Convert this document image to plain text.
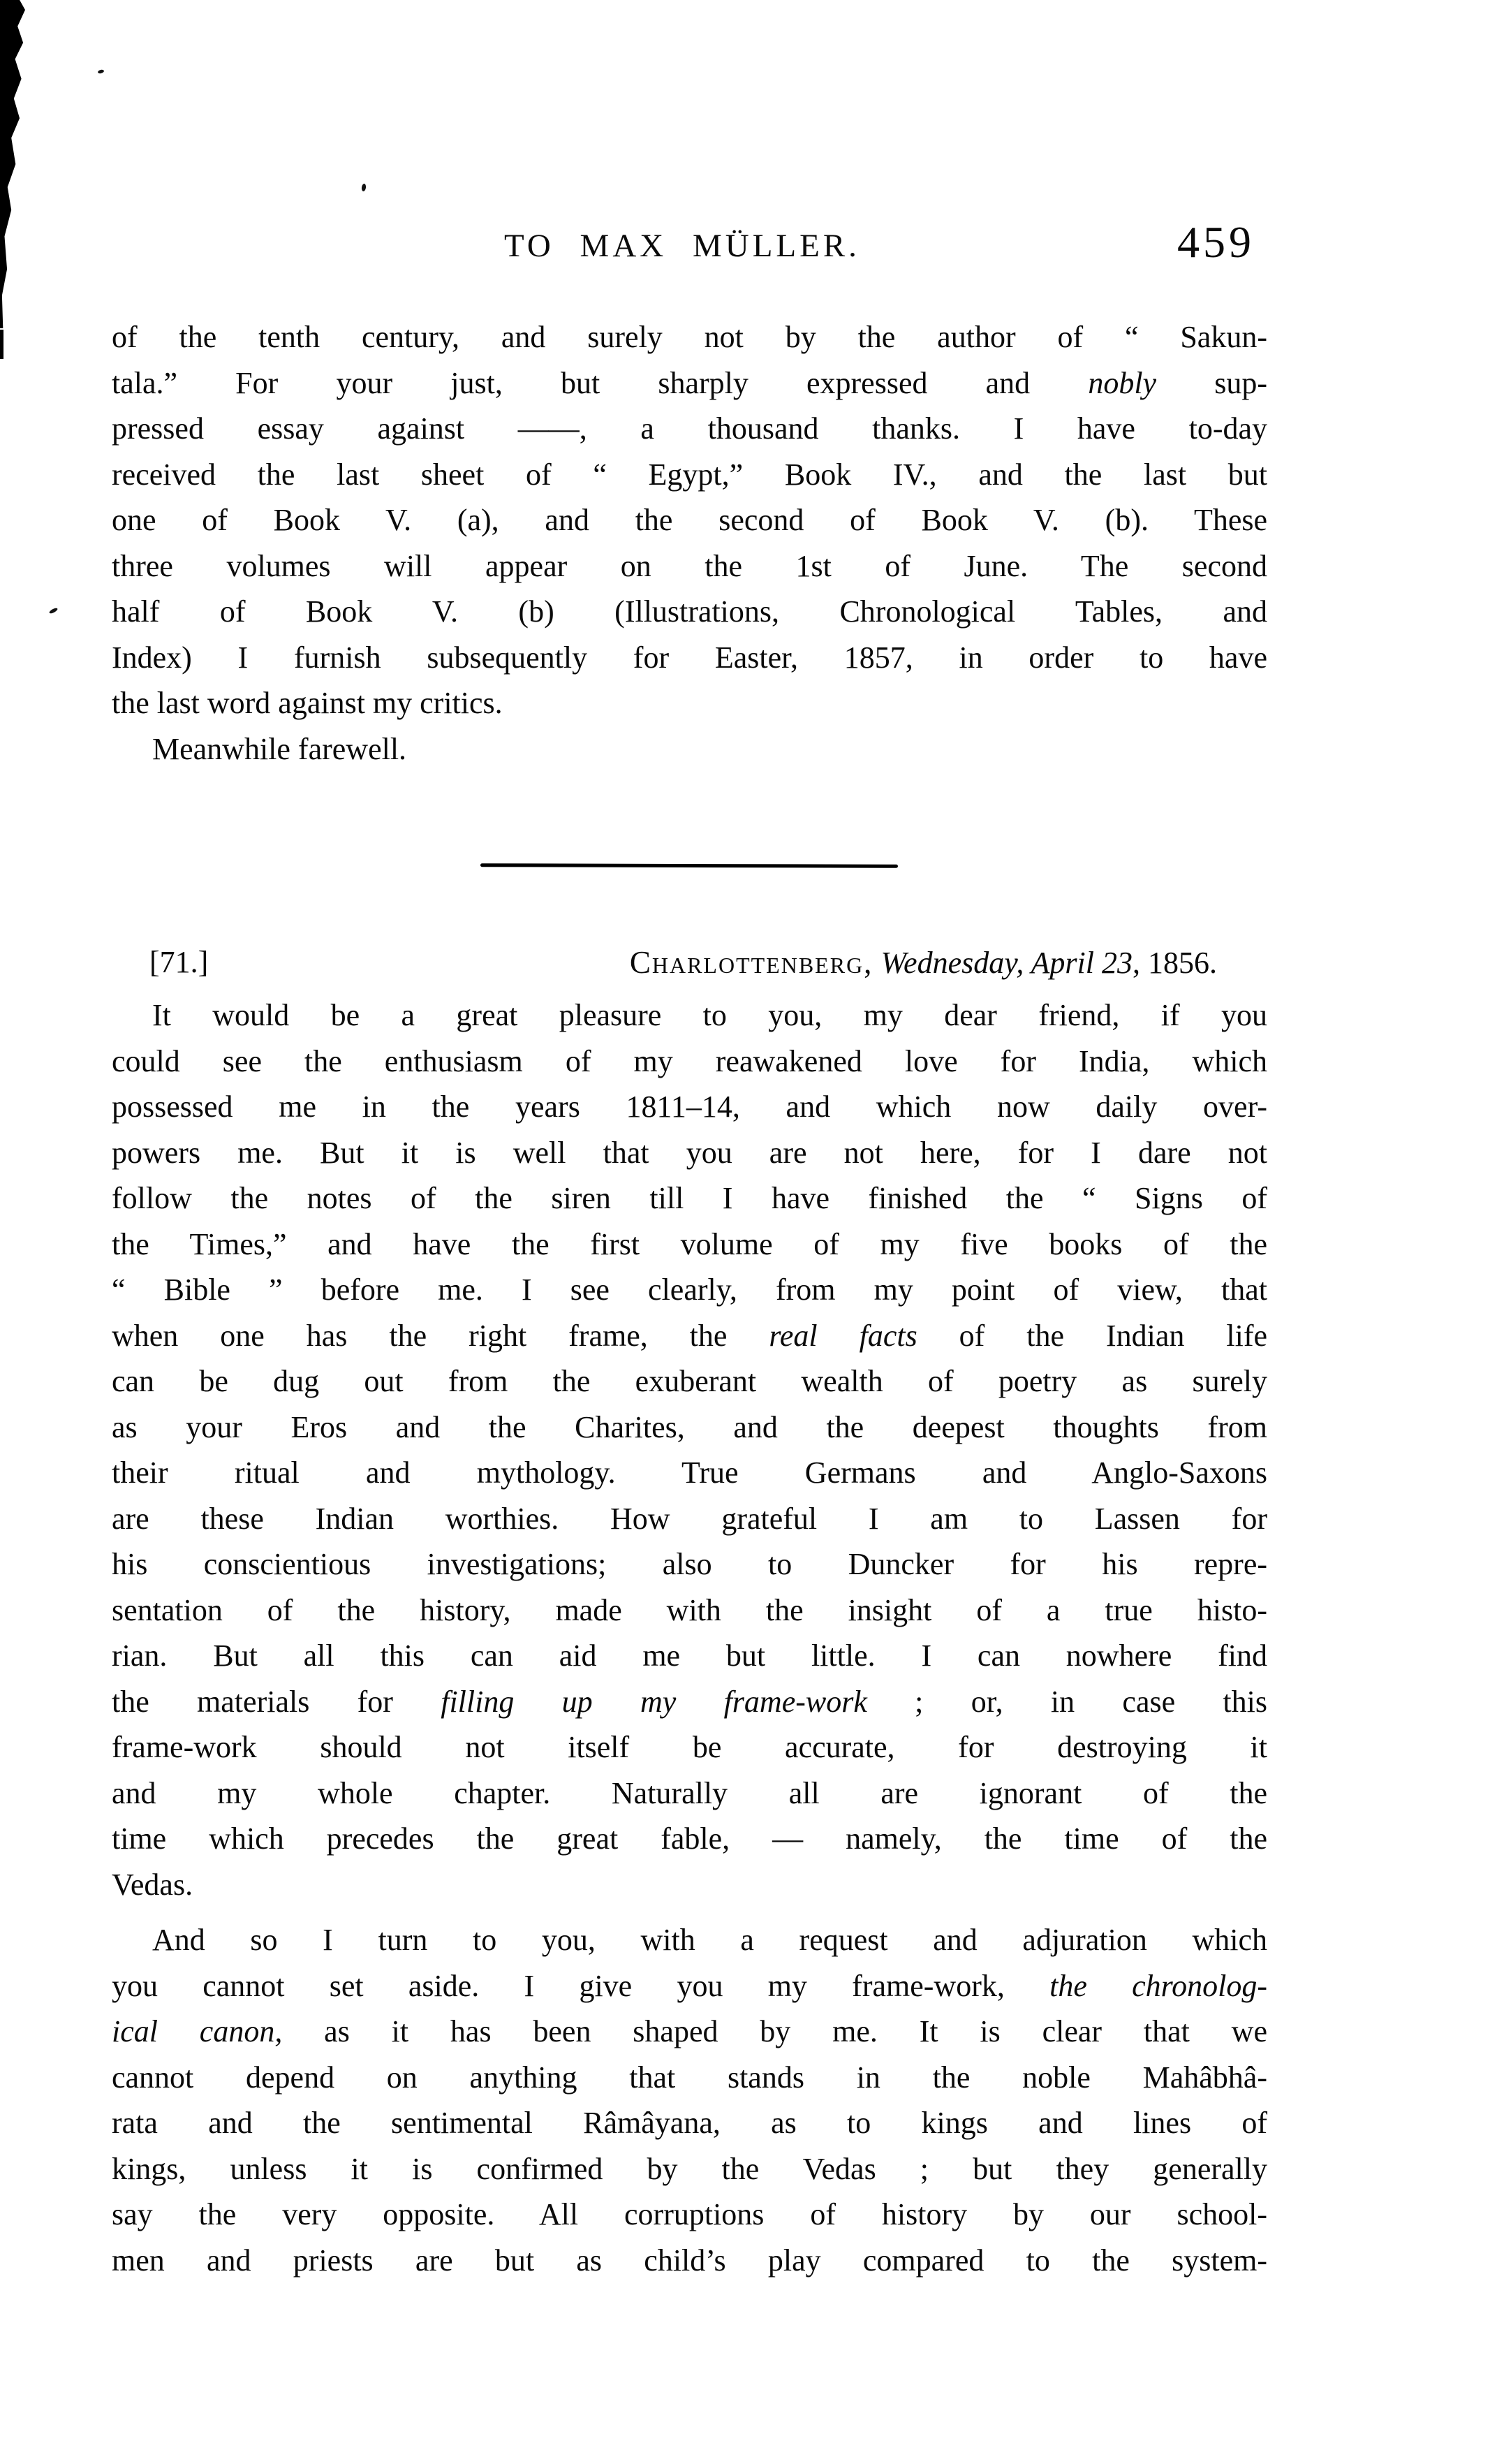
TO MAX MÜLLER.	459
of the tenth century, and surely not by the author of “ Sakun-
tala.” For your just, but sharply expressed and nobly sup-
pressed essay against ——, a thousand thanks. I have to-day
received the last sheet of “ Egypt,” Book IV., and the last but
one of Book V. (a), and the second of Book V. (b). These
three volumes will appear on the 1st of June. The second
half of Book V. (b) (Illustrations, Chronological Tables, and
Index) I furnish subsequently for Easter, 1857, in order to have
the last word against my critics.
Meanwhile farewell.
[71.]	Charlottenberg, Wednesday, April 23, 1856.
It would be a great pleasure to you, my dear friend, if you
could see the enthusiasm of my reawakened love for India, which
possessed me in the years 1811–14, and which now daily over-
powers me. But it is well that you are not here, for I dare not
follow the notes of the siren till I have finished the “ Signs of
the Times,” and have the first volume of my five books of the
“ Bible ” before me. I see clearly, from my point of view, that
when one has the right frame, the real facts of the Indian life
can be dug out from the exuberant wealth of poetry as surely
as your Eros and the Charites, and the deepest thoughts from
their ritual and mythology. True Germans and Anglo-Saxons
are these Indian worthies. How grateful I am to Lassen for
his conscientious investigations; also to Duncker for his repre-
sentation of the history, made with the insight of a true histo-
rian. But all this can aid me but little. I can nowhere find
the materials for filling up my frame-work ; or, in case this
frame-work should not itself be accurate, for destroying it
and my whole chapter. Naturally all are ignorant of the
time which precedes the great fable, — namely, the time of the
Vedas.
And so I turn to you, with a request and adjuration which
you cannot set aside. I give you my frame-work, the chronolog-
ical canon, as it has been shaped by me. It is clear that we
cannot depend on anything that stands in the noble Mahâbhâ-
rata and the sentimental Râmâyana, as to kings and lines of
kings, unless it is confirmed by the Vedas ; but they generally
say the very opposite. All corruptions of history by our school-
men and priests are but as child’s play compared to the system-
